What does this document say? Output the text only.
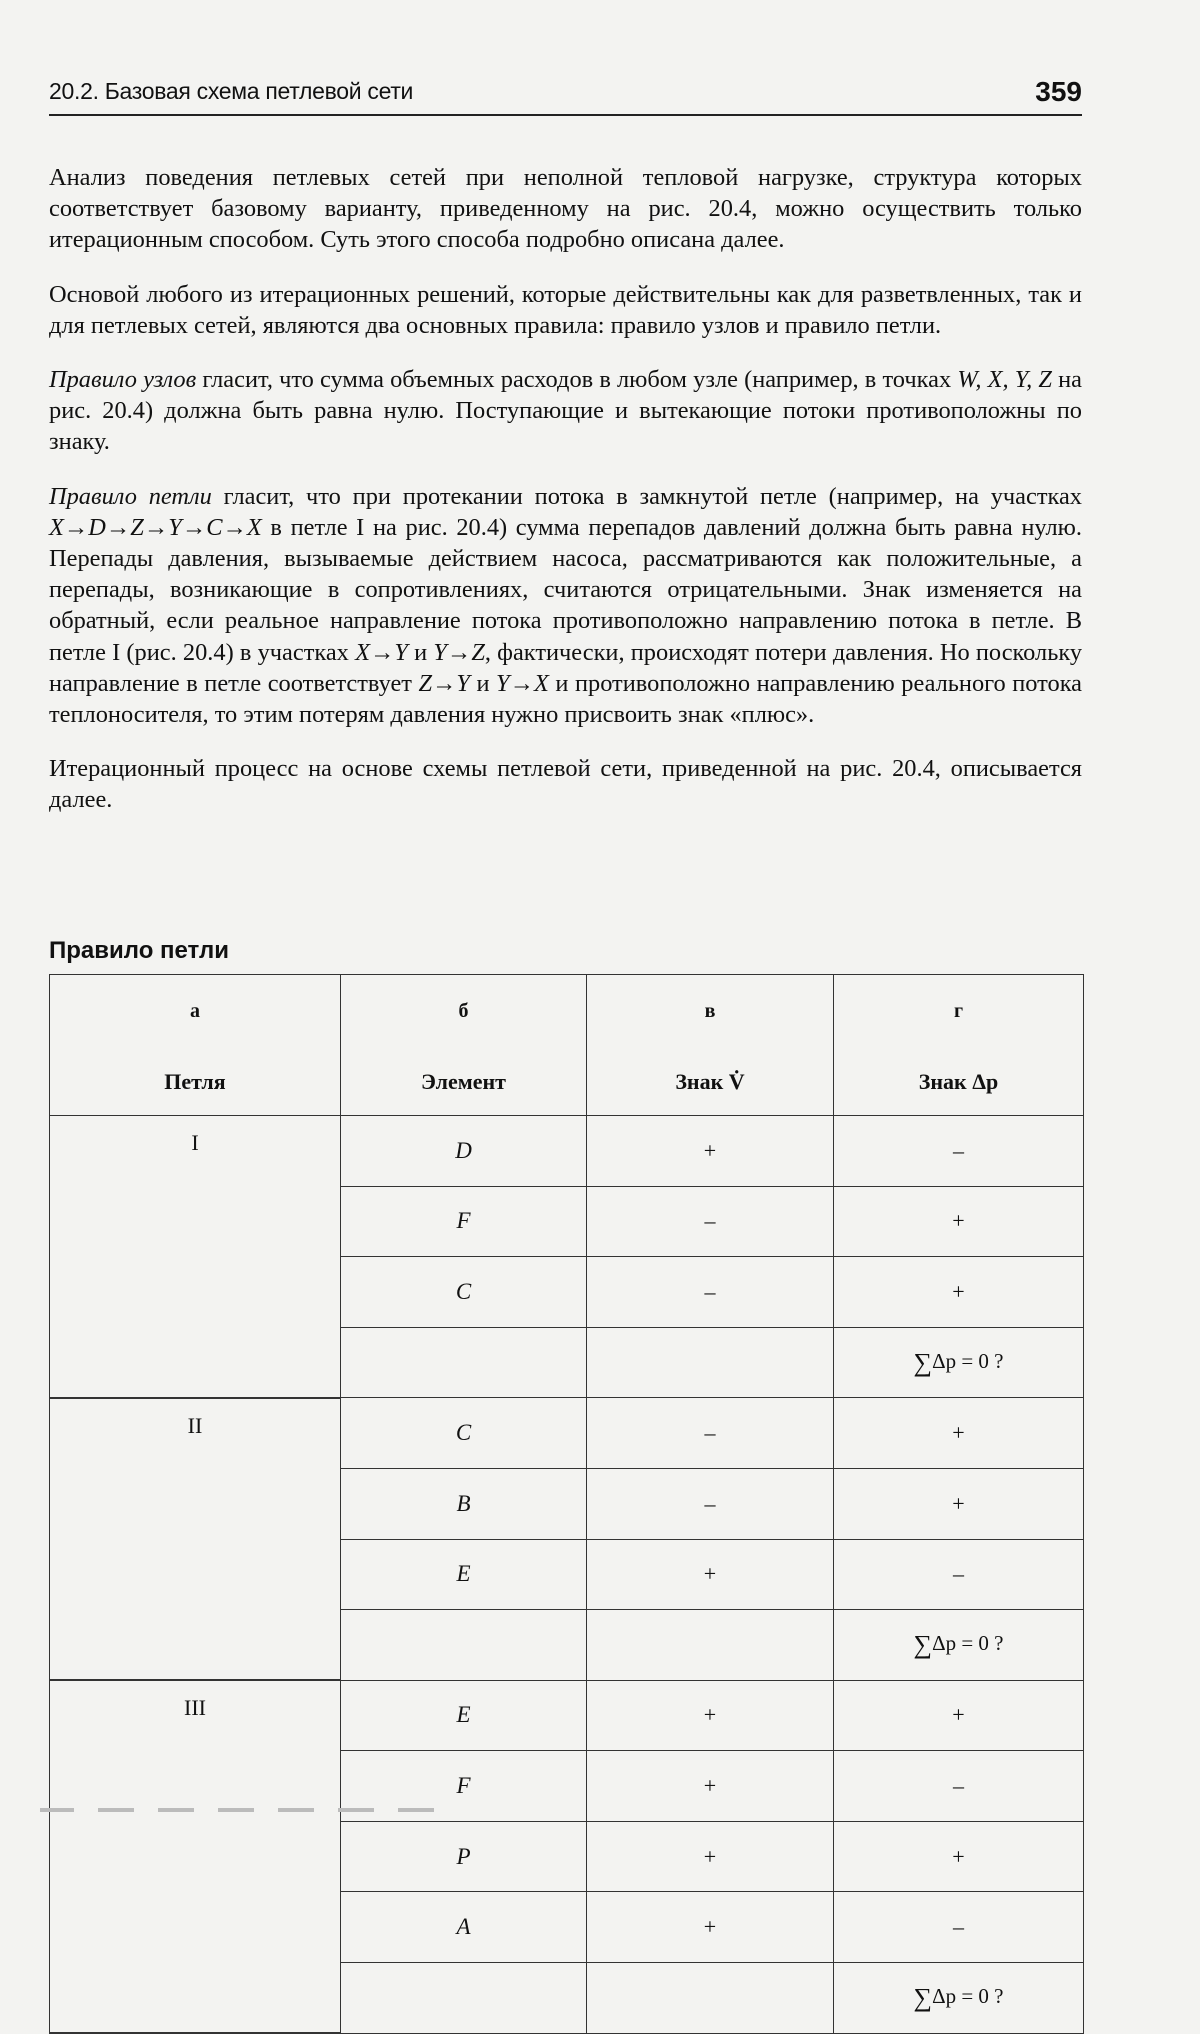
20.2. Базовая схема петлевой сети	359

Анализ поведения петлевых сетей при неполной тепловой нагрузке, структура которых соответствует базовому варианту, приведенному на рис. 20.4, можно осуществить только итерационным способом. Суть этого способа подробно описана далее.

Основой любого из итерационных решений, которые действительны как для разветвленных, так и для петлевых сетей, являются два основных правила: правило узлов и правило петли.

Правило узлов гласит, что сумма объемных расходов в любом узле (например, в точках W, X, Y, Z на рис. 20.4) должна быть равна нулю. Поступающие и вытекающие потоки противоположны по знаку.

Правило петли гласит, что при протекании потока в замкнутой петле (например, на участках X→D→Z→Y→C→X в петле I на рис. 20.4) сумма перепадов давлений должна быть равна нулю. Перепады давления, вызываемые действием насоса, рассматриваются как положительные, а перепады, возникающие в сопротивлениях, считаются отрицательными. Знак изменяется на обратный, если реальное направление потока противоположно направлению потока в петле. В петле I (рис. 20.4) в участках X→Y и Y→Z, фактически, происходят потери давления. Но поскольку направление в петле соответствует Z→Y и Y→X и противоположно направлению реального потока теплоносителя, то этим потерям давления нужно присвоить знак «плюс».

Итерационный процесс на основе схемы петлевой сети, приведенной на рис. 20.4, описывается далее.

Правило петли
а	б	в	г
Петля	Элемент	Знак V̇	Знак Δp
I	D	+	–
	F	–	+
	C	–	+
			∑Δp = 0 ?
II	C	–	+
	B	–	+
	E	+	–
			∑Δp = 0 ?
III	E	+	+
	F	+	–
	P	+	+
	A	+	–
			∑Δp = 0 ?
